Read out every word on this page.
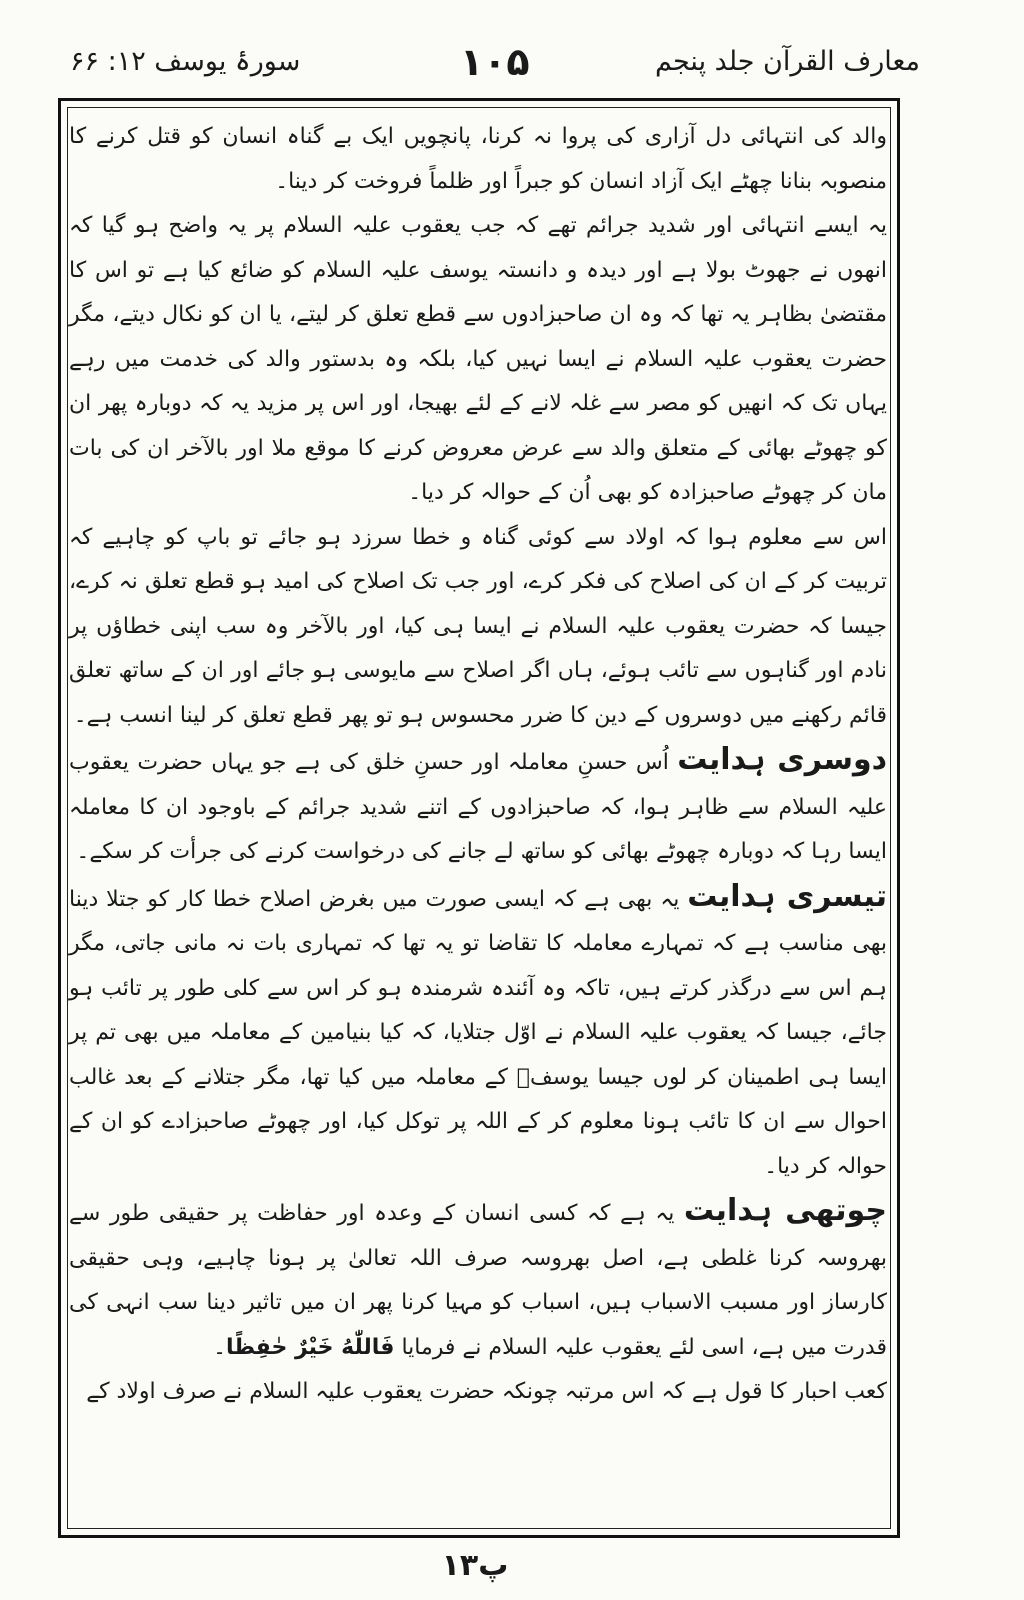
معارف القرآن جلد پنجم
۱۰۵
سورۂ یوسف ۱۲: ۶۶

والد کی انتہائی دل آزاری کی پروا نہ کرنا، پانچویں ایک بے گناہ انسان کو قتل کرنے کا منصوبہ بنانا چھٹے ایک آزاد انسان کو جبراً اور ظلماً فروخت کر دینا۔

یہ ایسے انتہائی اور شدید جرائم تھے کہ جب یعقوب علیہ السلام پر یہ واضح ہو گیا کہ انھوں نے جھوٹ بولا ہے اور دیدہ و دانستہ یوسف علیہ السلام کو ضائع کیا ہے تو اس کا مقتضیٰ بظاہر یہ تھا کہ وہ ان صاحبزادوں سے قطع تعلق کر لیتے، یا ان کو نکال دیتے، مگر حضرت یعقوب علیہ السلام نے ایسا نہیں کیا، بلکہ وہ بدستور والد کی خدمت میں رہے یہاں تک کہ انھیں کو مصر سے غلہ لانے کے لئے بھیجا، اور اس پر مزید یہ کہ دوبارہ پھر ان کو چھوٹے بھائی کے متعلق والد سے عرض معروض کرنے کا موقع ملا اور بالآخر ان کی بات مان کر چھوٹے صاحبزادہ کو بھی اُن کے حوالہ کر دیا۔

اس سے معلوم ہوا کہ اولاد سے کوئی گناہ و خطا سرزد ہو جائے تو باپ کو چاہیے کہ تربیت کر کے ان کی اصلاح کی فکر کرے، اور جب تک اصلاح کی امید ہو قطع تعلق نہ کرے، جیسا کہ حضرت یعقوب علیہ السلام نے ایسا ہی کیا، اور بالآخر وہ سب اپنی خطاؤں پر نادم اور گناہوں سے تائب ہوئے، ہاں اگر اصلاح سے مایوسی ہو جائے اور ان کے ساتھ تعلق قائم رکھنے میں دوسروں کے دین کا ضرر محسوس ہو تو پھر قطع تعلق کر لینا انسب ہے۔

دوسری ہدایت اُس حسنِ معاملہ اور حسنِ خلق کی ہے جو یہاں حضرت یعقوب علیہ السلام سے ظاہر ہوا، کہ صاحبزادوں کے اتنے شدید جرائم کے باوجود ان کا معاملہ ایسا رہا کہ دوبارہ چھوٹے بھائی کو ساتھ لے جانے کی درخواست کرنے کی جرأت کر سکے۔

تیسری ہدایت یہ بھی ہے کہ ایسی صورت میں بغرض اصلاح خطا کار کو جتلا دینا بھی مناسب ہے کہ تمہارے معاملہ کا تقاضا تو یہ تھا کہ تمہاری بات نہ مانی جاتی، مگر ہم اس سے درگذر کرتے ہیں، تاکہ وہ آئندہ شرمندہ ہو کر اس سے کلی طور پر تائب ہو جائے، جیسا کہ یعقوب علیہ السلام نے اوّل جتلایا، کہ کیا بنیامین کے معاملہ میں بھی تم پر ایسا ہی اطمینان کر لوں جیسا یوسفؑ کے معاملہ میں کیا تھا، مگر جتلانے کے بعد غالب احوال سے ان کا تائب ہونا معلوم کر کے اللہ پر توکل کیا، اور چھوٹے صاحبزادے کو ان کے حوالہ کر دیا۔

چوتھی ہدایت یہ ہے کہ کسی انسان کے وعدہ اور حفاظت پر حقیقی طور سے بھروسہ کرنا غلطی ہے، اصل بھروسہ صرف اللہ تعالیٰ پر ہونا چاہیے، وہی حقیقی کارساز اور مسبب الاسباب ہیں، اسباب کو مہیا کرنا پھر ان میں تاثیر دینا سب انہی کی قدرت میں ہے، اسی لئے یعقوب علیہ السلام نے فرمایا فَاللّٰهُ خَيْرٌ حٰفِظًا۔

کعب احبار کا قول ہے کہ اس مرتبہ چونکہ حضرت یعقوب علیہ السلام نے صرف اولاد کے

۱۳پ
